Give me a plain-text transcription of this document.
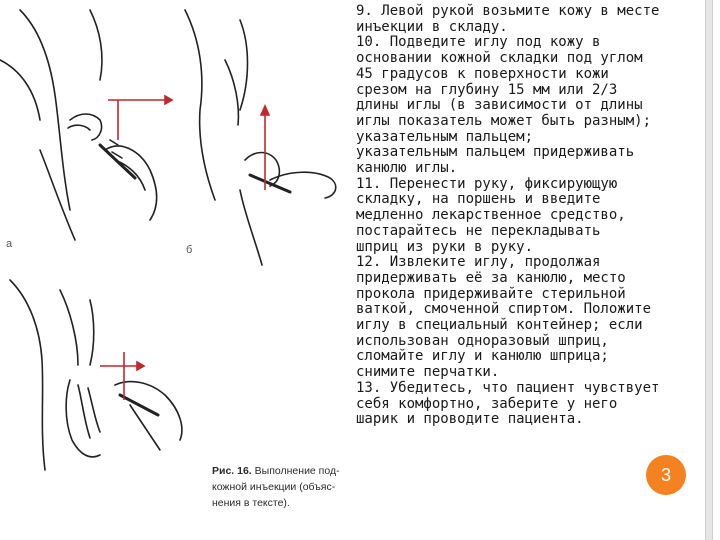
а	б
Рис. 16. Выполнение под-кожной инъекции (объяс-нения в тексте).

9. Левой рукой возьмите кожу в месте
инъекции в складу.

10. Подведите иглу под кожу в
основании кожной складки под углом
45 градусов к поверхности кожи
срезом на глубину 15 мм или 2/3
длины иглы (в зависимости от длины
иглы показатель может быть разным);
указательным пальцем;
указательным пальцем придерживать
канюлю иглы.

11. Перенести руку, фиксирующую
складку, на поршень и введите
медленно лекарственное средство,
постарайтесь не перекладывать
шприц из руки в руку.

12. Извлеките иглу, продолжая
придерживать её за канюлю, место
прокола придерживайте стерильной
ваткой, смоченной спиртом. Положите
иглу в специальный контейнер; если
использован одноразовый шприц,
сломайте иглу и канюлю шприца;
снимите перчатки.

13. Убедитесь, что пациент чувствует
себя комфортно, заберите у него
шарик и проводите пациента.

3
